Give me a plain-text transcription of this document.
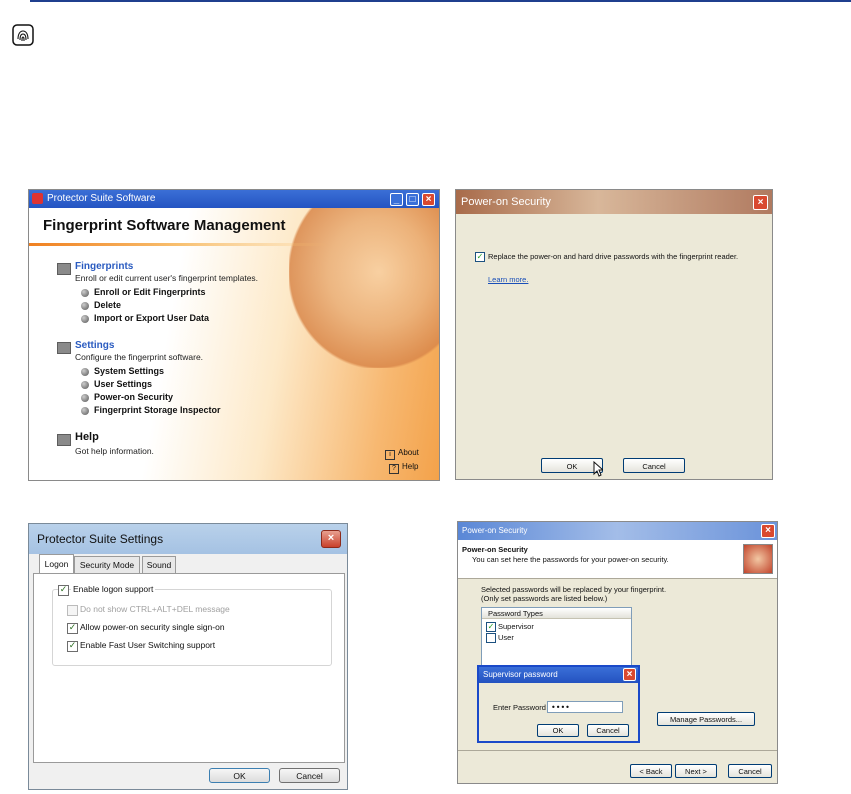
Protector Suite Software	_	□	×
Fingerprint Software Management
Fingerprints
Enroll or edit current user's fingerprint templates.
Enroll or Edit Fingerprints
Delete
Import or Export User Data
Settings
Configure the fingerprint software.
System Settings
User Settings
Power-on Security
Fingerprint Storage Inspector
Help
Got help information.	i About
? Help
Power-on Security	×
✓ Replace the power-on and hard drive passwords with the fingerprint reader.
Learn more.
OK	Cancel
Protector Suite Settings	×
Logon	Security Mode	Sound
✓ Enable logon support
Do not show CTRL+ALT+DEL message
✓ Allow power-on security single sign-on
✓ Enable Fast User Switching support
OK	Cancel
Power-on Security	×
Power-on Security
You can set here the passwords for your power-on security.
Selected passwords will be replaced by your fingerprint.
(Only set passwords are listed below.)
Password Types
✓ Supervisor
User
Manage Passwords...
< Back	Next >	Cancel
Supervisor password	×
Enter Password ••••
OK	Cancel
